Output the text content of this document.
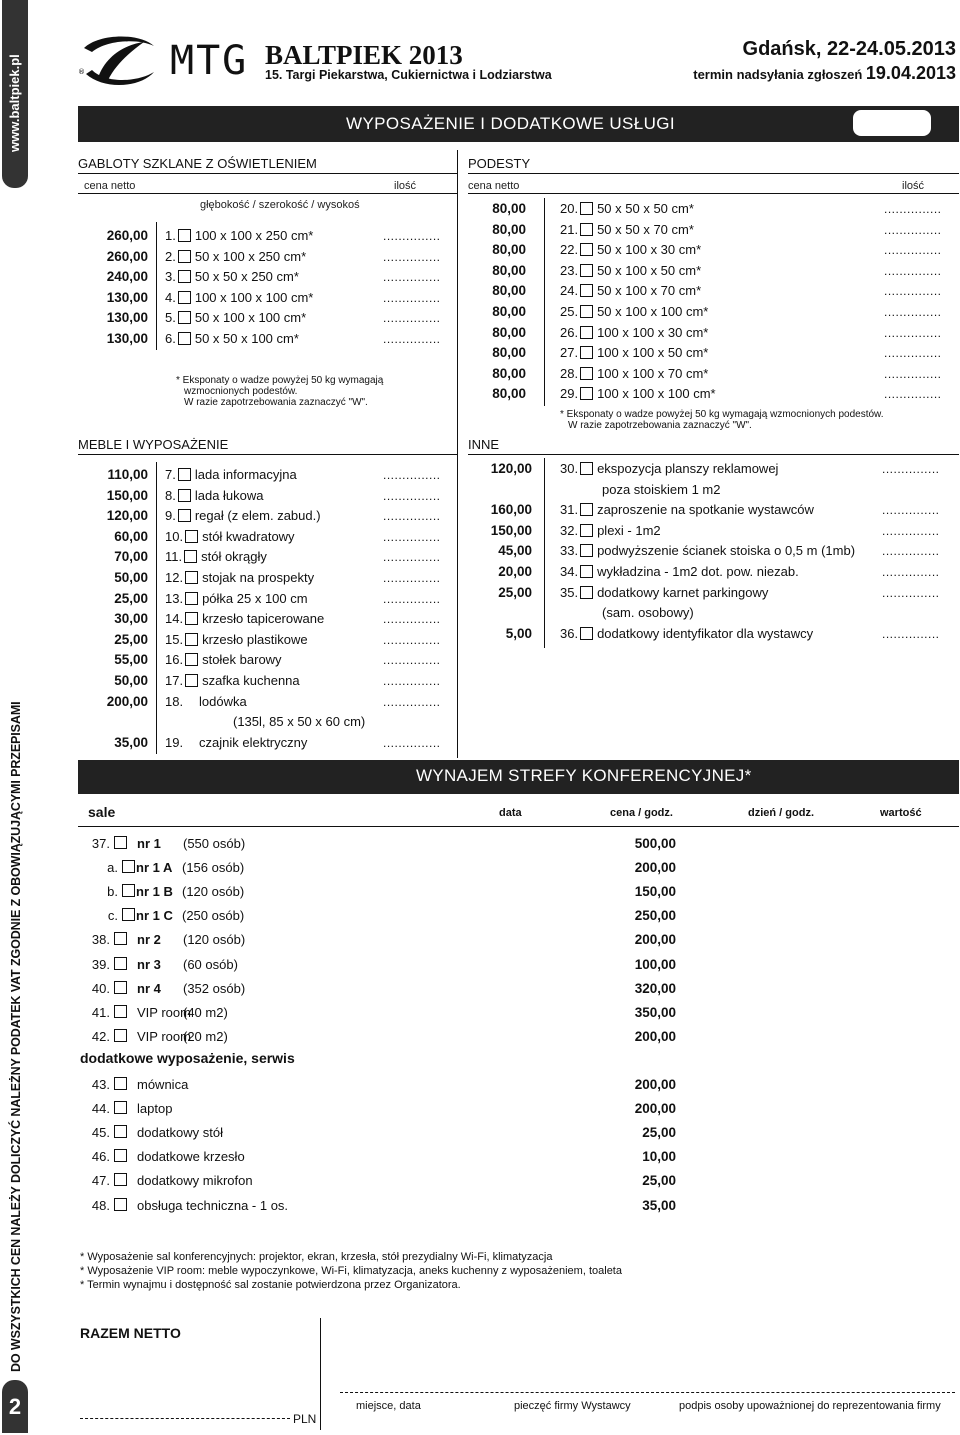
www.baltpiek.pl
DO WSZYSTKICH CEN NALEŻY DOLICZYĆ NALEŻNY PODATEK VAT ZGODNIE Z OBOWIĄZUJĄCYMI PRZEPISAMI
2
® MTG BALTPIEK 2013
15. Targi Piekarstwa, Cukiernictwa i Lodziarstwa
Gdańsk, 22-24.05.2013
termin nadsyłania zgłoszeń 19.04.2013
WYPOSAŻENIE I DODATKOWE USŁUGI
GABLOTY SZKLANE Z OŚWIETLENIEM	PODESTY
cena netto	ilość	cena netto	ilość
głębokość / szerokość / wysokoś
260,00 1. 100 x 100 x 250 cm*	...............
260,00 2. 50 x 100 x 250 cm*	...............
240,00 3. 50 x 50 x 250 cm*	...............
130,00 4. 100 x 100 x 100 cm*	...............
130,00 5. 50 x 100 x 100 cm*	...............
130,00 6. 50 x 50 x 100 cm*	...............
80,00	20. 50 x 50 x 50 cm*	...............
80,00	21. 50 x 50 x 70 cm*	...............
80,00	22. 50 x 100 x 30 cm*	...............
80,00	23. 50 x 100 x 50 cm*	...............
80,00	24. 50 x 100 x 70 cm*	...............
80,00	25. 50 x 100 x 100 cm*	...............
80,00	26. 100 x 100 x 30 cm*	...............
80,00	27. 100 x 100 x 50 cm*	...............
80,00	28. 100 x 100 x 70 cm*	...............
80,00	29. 100 x 100 x 100 cm*	...............
* Eksponaty o wadze powyżej 50 kg wymagają
wzmocnionych podestów.
W razie zapotrzebowania zaznaczyć "W".
* Eksponaty o wadze powyżej 50 kg wymagają wzmocnionych podestów.
W razie zapotrzebowania zaznaczyć "W".
MEBLE I WYPOSAŻENIE	INNE
110,00 7. lada informacyjna	...............
150,00 8. lada łukowa	...............
120,00 9. regał (z elem. zabud.)	...............
60,00 10. stół kwadratowy	...............
70,00 11. stół okrągły	...............
50,00 12. stojak na prospekty	...............
25,00 13. półka 25 x 100 cm	...............
30,00 14. krzesło tapicerowane	...............
25,00 15. krzesło plastikowe	...............
55,00 16. stołek barowy	...............
50,00 17. szafka kuchenna	...............
200,00 18.	lodówka	...............
(135l, 85 x 50 x 60 cm)
35,00 19.	czajnik elektryczny	...............
120,00 30. ekspozycja planszy reklamowej	...............
poza stoiskiem 1 m2
160,00 31. zaproszenie na spotkanie wystawców	...............
150,00 32. plexi - 1m2	...............
45,00 33. podwyższenie ścianek stoiska o 0,5 m (1mb) ...............
20,00 34. wykładzina - 1m2 dot. pow. niezab.	...............
25,00 35. dodatkowy karnet parkingowy	...............
(sam. osobowy)
5,00 36. dodatkowy identyfikator dla wystawcy	...............
WYNAJEM STREFY KONFERENCYJNEJ*
sale	data	cena / godz.	dzień / godz.	wartość
37. nr 1 (550 osób)	500,00
a. nr 1 A (156 osób)	200,00
b. nr 1 B (120 osób)	150,00
c. nr 1 C (250 osób)	250,00
38. nr 2 (120 osób)	200,00
39. nr 3 (60 osób)	100,00
40. nr 4 (352 osób)	320,00
41. VIP room(40 m2)	350,00
42. VIP room(20 m2)	200,00
dodatkowe wyposażenie, serwis
43. mównica	200,00
44. laptop	200,00
45. dodatkowy stół	25,00
46. dodatkowe krzesło	10,00
47. dodatkowy mikrofon	25,00
48. obsługa techniczna - 1 os.	35,00
* Wyposażenie sal konferencyjnych: projektor, ekran, krzesła, stół prezydialny Wi-Fi, klimatyzacja
* Wyposażenie VIP room: meble wypoczynkowe, Wi-Fi, klimatyzacja, aneks kuchenny z wyposażeniem, toaleta
* Termin wynajmu i dostępność sal zostanie potwierdzona przez Organizatora.
RAZEM NETTO
PLN
miejsce, data	pieczęć firmy Wystawcy	podpis osoby upoważnionej do reprezentowania firmy
